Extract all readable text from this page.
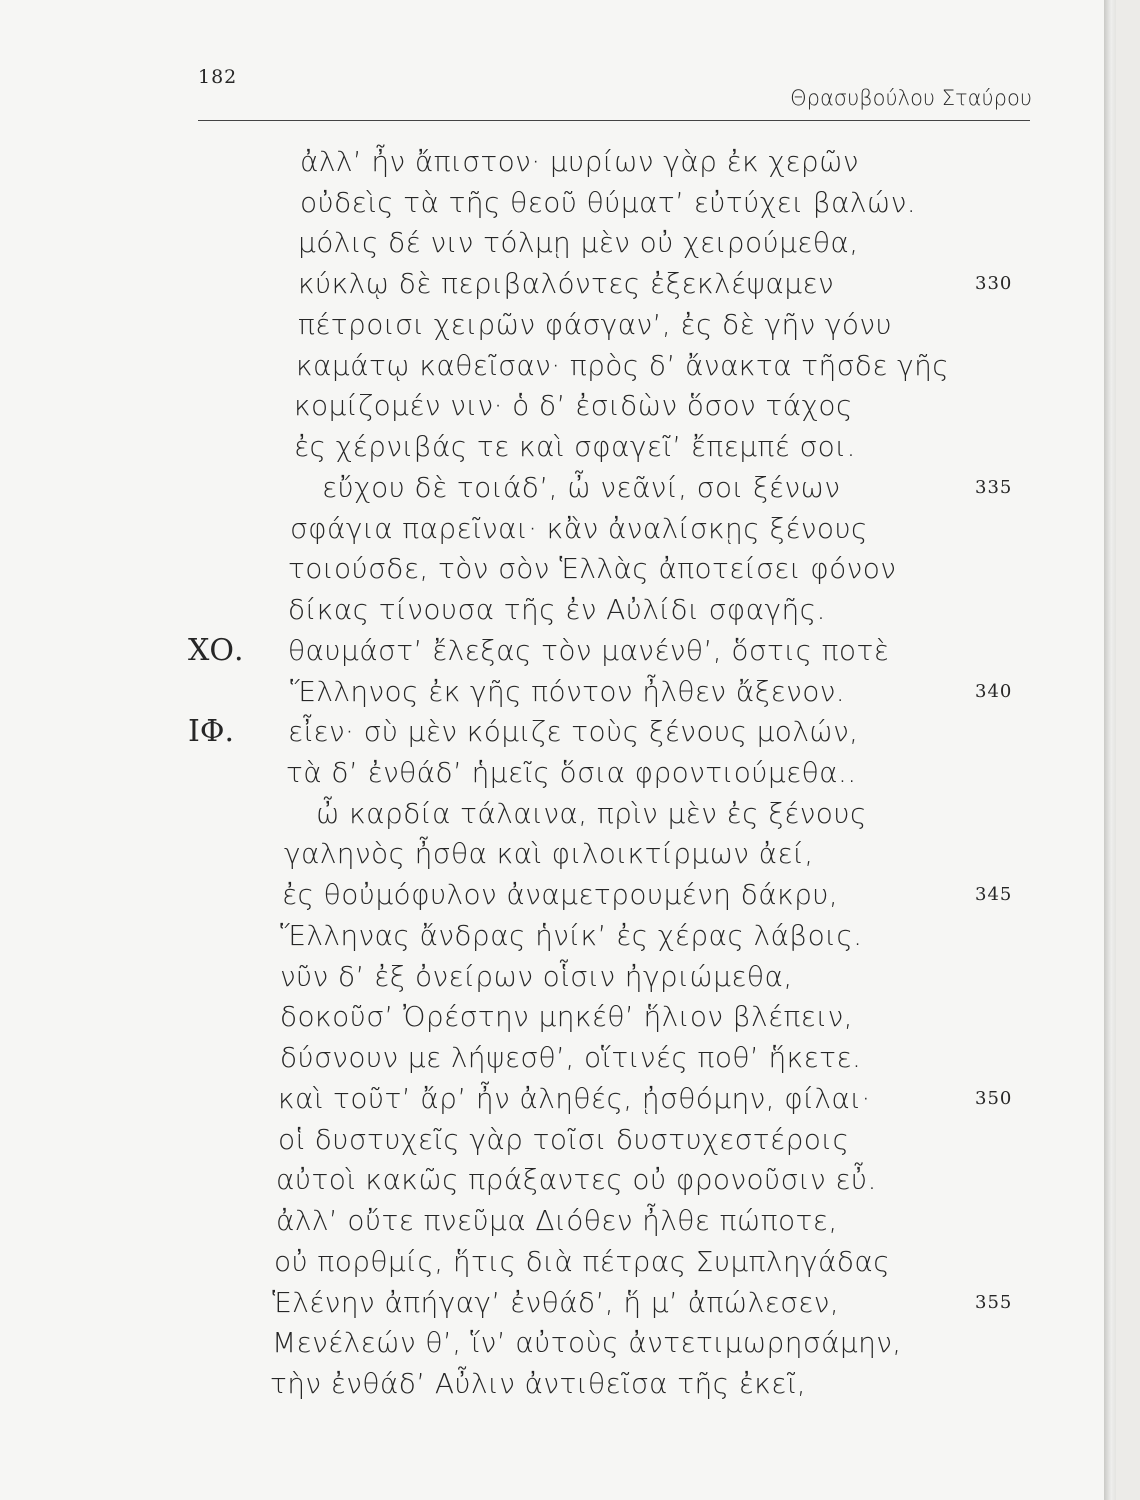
182
Θρασυβούλου Σταύρου
ἀλλ’ ἦν ἄπιστον· μυρίων γὰρ ἐκ χερῶν
οὐδεὶς τὰ τῆς θεοῦ θύματ’ εὐτύχει βαλών.
μόλις δέ νιν τόλμῃ μὲν οὐ χειρούμεθα,
κύκλῳ δὲ περιβαλόντες ἐξεκλέψαμεν
πέτροισι χειρῶν φάσγαν’, ἐς δὲ γῆν γόνυ
καμάτῳ καθεῖσαν· πρὸς δ’ ἄνακτα τῆσδε γῆς
κομίζομέν νιν· ὁ δ’ ἐσιδὼν ὅσον τάχος
ἐς χέρνιβάς τε καὶ σφαγεῖ’ ἔπεμπέ σοι.
εὔχου δὲ τοιάδ’, ὦ νεᾶνί, σοι ξένων
σφάγια παρεῖναι· κἂν ἀναλίσκῃς ξένους
τοιούσδε, τὸν σὸν Ἑλλὰς ἀποτείσει φόνον
δίκας τίνουσα τῆς ἐν Αὐλίδι σφαγῆς.
θαυμάστ’ ἔλεξας τὸν μανένθ’, ὅστις ποτὲ
Ἕλληνος ἐκ γῆς πόντον ἦλθεν ἄξενον.
εἶεν· σὺ μὲν κόμιζε τοὺς ξένους μολών,
τὰ δ’ ἐνθάδ’ ἡμεῖς ὅσια φροντιούμεθα..
ὦ καρδία τάλαινα, πρὶν μὲν ἐς ξένους
γαληνὸς ἦσθα καὶ φιλοικτίρμων ἀεί,
ἐς θοὐμόφυλον ἀναμετρουμένη δάκρυ,
Ἕλληνας ἄνδρας ἡνίκ’ ἐς χέρας λάβοις.
νῦν δ’ ἐξ ὀνείρων οἷσιν ἠγριώμεθα,
δοκοῦσ’ Ὀρέστην μηκέθ’ ἥλιον βλέπειν,
δύσνουν με λήψεσθ’, οἵτινές ποθ’ ἥκετε.
καὶ τοῦτ’ ἄρ’ ἦν ἀληθές, ᾐσθόμην, φίλαι·
οἱ δυστυχεῖς γὰρ τοῖσι δυστυχεστέροις
αὐτοὶ κακῶς πράξαντες οὐ φρονοῦσιν εὖ.
ἀλλ’ οὔτε πνεῦμα Διόθεν ἦλθε πώποτε,
οὐ πορθμίς, ἥτις διὰ πέτρας Συμπληγάδας
Ἑλένην ἀπήγαγ’ ἐνθάδ’, ἥ μ’ ἀπώλεσεν,
Μενέλεών θ’, ἵν’ αὐτοὺς ἀντετιμωρησάμην,
τὴν ἐνθάδ’ Αὖλιν ἀντιθεῖσα τῆς ἐκεῖ,
ΧΟ.
ΙΦ.
330
335
340
345
350
355
